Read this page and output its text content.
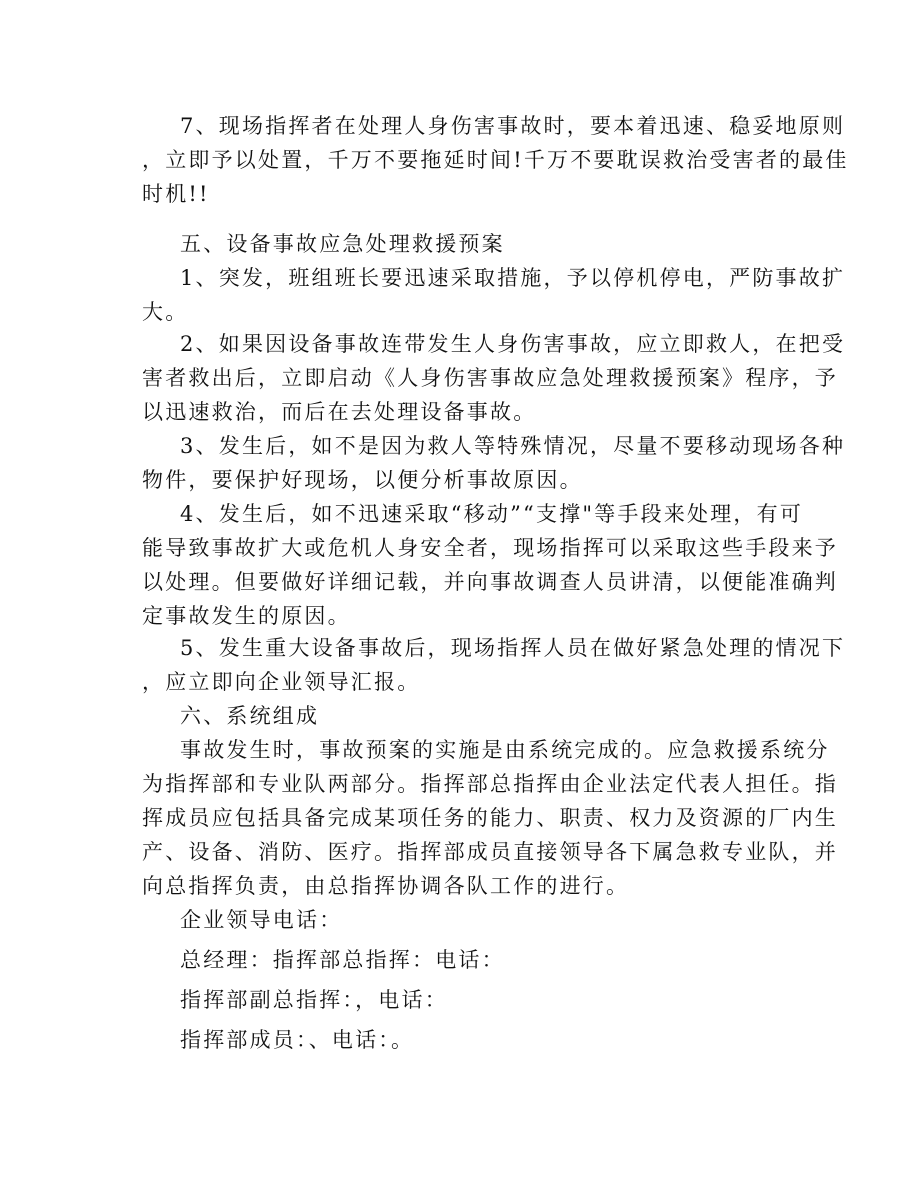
7、现场指挥者在处理人身伤害事故时，要本着迅速、稳妥地原则
，立即予以处置，千万不要拖延时间!千万不要耽误救治受害者的最佳
时机!!
五、设备事故应急处理救援预案
1、突发，班组班长要迅速采取措施，予以停机停电，严防事故扩
大。
2、如果因设备事故连带发生人身伤害事故，应立即救人，在把受
害者救出后，立即启动《人身伤害事故应急处理救援预案》程序，予
以迅速救治，而后在去处理设备事故。
3、发生后，如不是因为救人等特殊情况，尽量不要移动现场各种
物件，要保护好现场，以便分析事故原因。
4、发生后，如不迅速采取“移动”“支撑"等手段来处理，有可
能导致事故扩大或危机人身安全者，现场指挥可以采取这些手段来予
以处理。但要做好详细记载，并向事故调查人员讲清，以便能准确判
定事故发生的原因。
5、发生重大设备事故后，现场指挥人员在做好紧急处理的情况下
，应立即向企业领导汇报。
六、系统组成
事故发生时，事故预案的实施是由系统完成的。应急救援系统分
为指挥部和专业队两部分。指挥部总指挥由企业法定代表人担任。指
挥成员应包括具备完成某项任务的能力、职责、权力及资源的厂内生
产、设备、消防、医疗。指挥部成员直接领导各下属急救专业队，并
向总指挥负责，由总指挥协调各队工作的进行。
企业领导电话：
总经理：指挥部总指挥：电话：
指挥部副总指挥：，电话：
指挥部成员：、电话：。
